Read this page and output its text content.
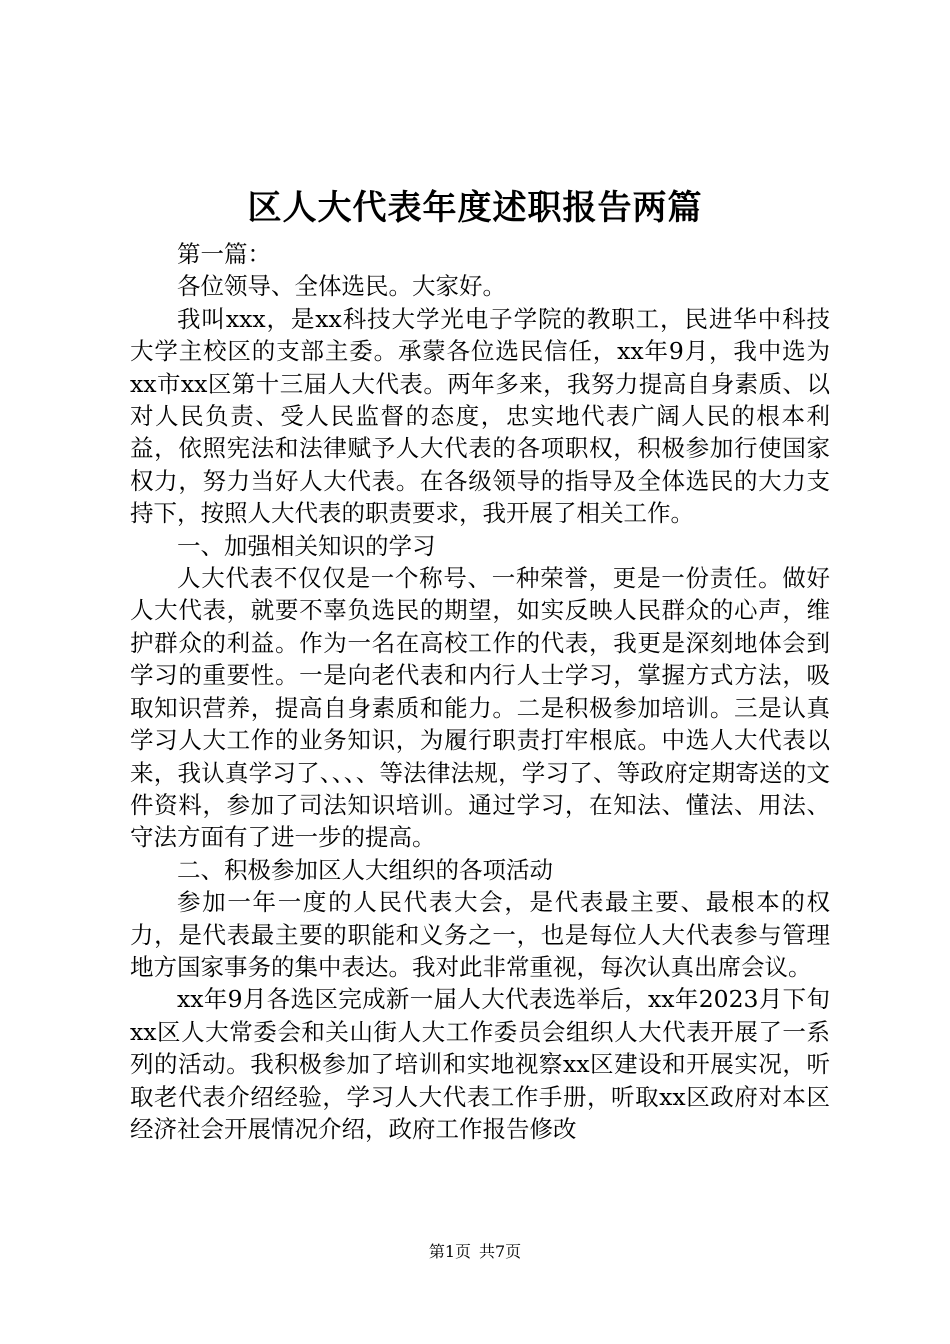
区人大代表年度述职报告两篇

第一篇：

各位领导、全体选民。大家好。

我叫xxx，是xx科技大学光电子学院的教职工，民进华中科技大学主校区的支部主委。承蒙各位选民信任，xx年9月，我中选为xx市xx区第十三届人大代表。两年多来，我努力提高自身素质、以对人民负责、受人民监督的态度，忠实地代表广阔人民的根本利益，依照宪法和法律赋予人大代表的各项职权，积极参加行使国家权力，努力当好人大代表。在各级领导的指导及全体选民的大力支持下，按照人大代表的职责要求，我开展了相关工作。

一、加强相关知识的学习

人大代表不仅仅是一个称号、一种荣誉，更是一份责任。做好人大代表，就要不辜负选民的期望，如实反映人民群众的心声，维护群众的利益。作为一名在高校工作的代表，我更是深刻地体会到学习的重要性。一是向老代表和内行人士学习，掌握方式方法，吸取知识营养，提高自身素质和能力。二是积极参加培训。三是认真学习人大工作的业务知识，为履行职责打牢根底。中选人大代表以来，我认真学习了、、、、等法律法规，学习了、等政府定期寄送的文件资料，参加了司法知识培训。通过学习，在知法、懂法、用法、守法方面有了进一步的提高。

二、积极参加区人大组织的各项活动

参加一年一度的人民代表大会，是代表最主要、最根本的权力，是代表最主要的职能和义务之一，也是每位人大代表参与管理地方国家事务的集中表达。我对此非常重视，每次认真出席会议。

xx年9月各选区完成新一届人大代表选举后，xx年2023月下旬xx区人大常委会和关山街人大工作委员会组织人大代表开展了一系列的活动。我积极参加了培训和实地视察xx区建设和开展实况，听取老代表介绍经验，学习人大代表工作手册，听取xx区政府对本区经济社会开展情况介绍，政府工作报告修改

第1页 共7页
